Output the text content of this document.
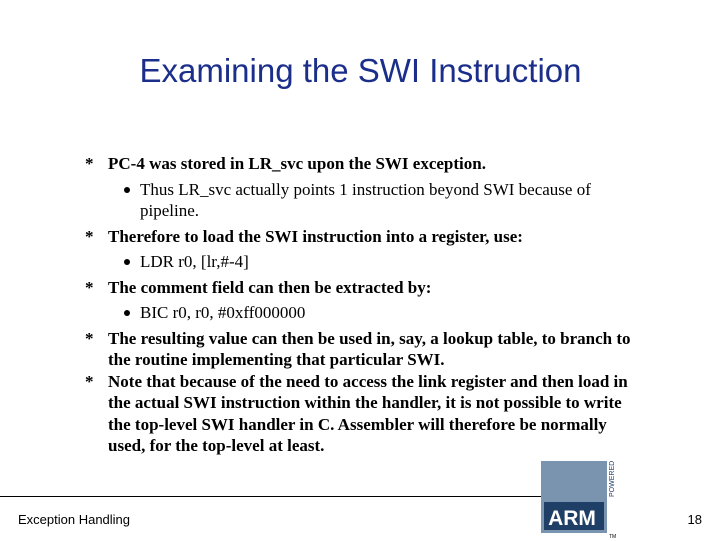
Examining the SWI Instruction
* PC-4 was stored in LR_svc upon the SWI exception.
Thus LR_svc actually points 1 instruction beyond SWI because of pipeline.
* Therefore to load the SWI instruction into a register, use:
LDR r0, [lr,#-4]
* The comment field can then be extracted by:
BIC r0, r0, #0xff000000
* The resulting value can then be used in, say, a lookup table, to branch to the routine implementing that particular SWI.
* Note that because of the need to access the link register and then load in the actual SWI instruction within the handler, it is not possible to write the top-level SWI handler in C. Assembler will therefore be normally used, for the top-level at least.
Exception Handling	18
ARM
POWERED
TM
